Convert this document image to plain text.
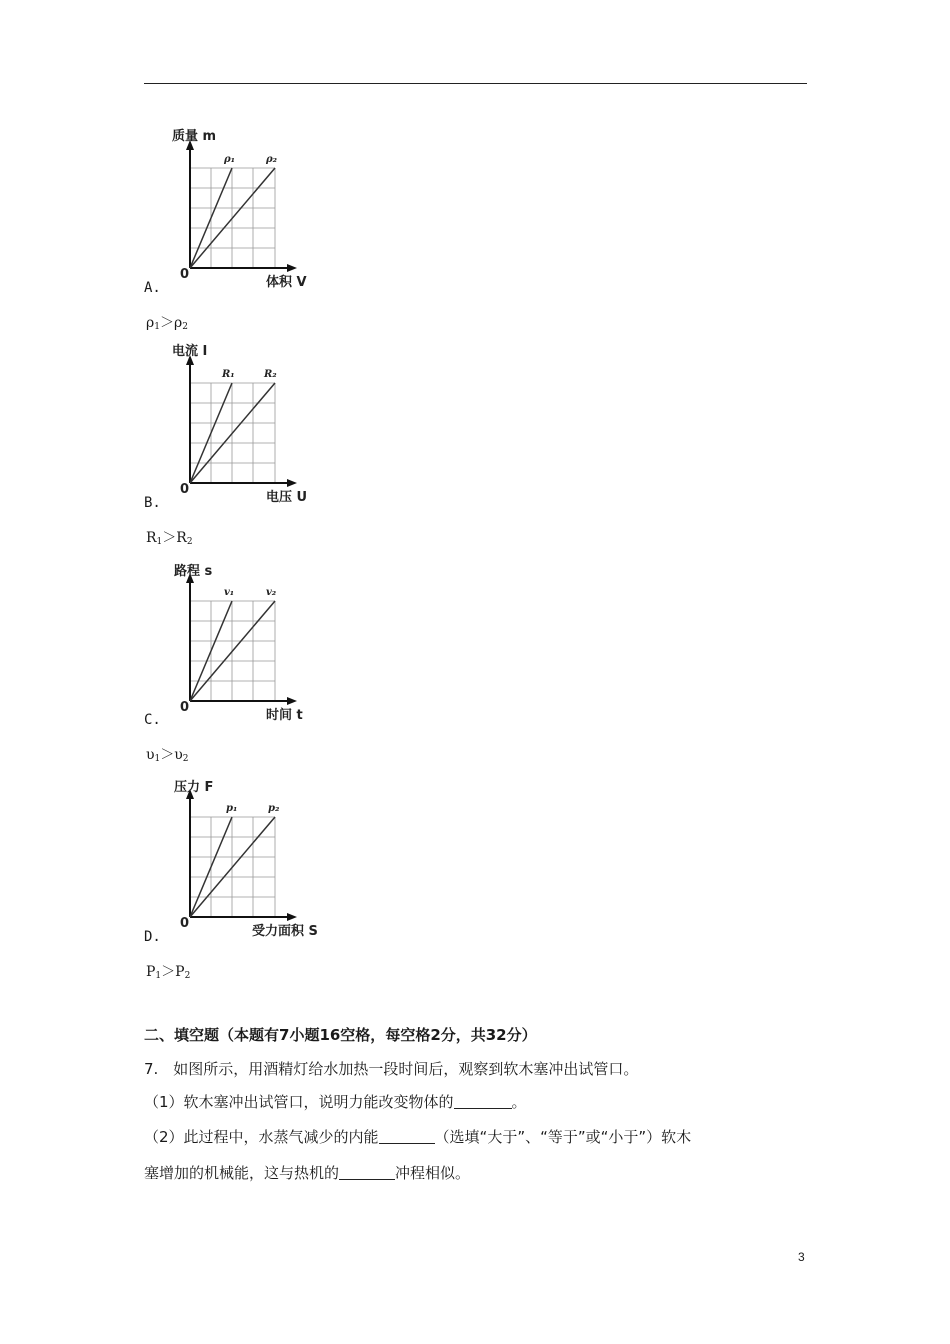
质量 m
体积 V
0
ρ₁	ρ₂
A.
$\rho_1>\rho_2$
电流 I
电压 U
0
R₁	R₂
B.
$R_1>R_2$
路程 s
时间 t
0
v₁	v₂
C.
$\upsilon_1>\upsilon_2$
压力 F
受力面积 S
0
p₁	p₂
D.
$P_1>P_2$
二、填空题（本题有7小题16空格，每空格2分，共32分）
7.　如图所示，用酒精灯给水加热一段时间后，观察到软木塞冲出试管口。
（1）软木塞冲出试管口，说明力能改变物体的	。
（2）此过程中，水蒸气减少的内能	（选填“大于”、“等于”或“小于”）软木
塞增加的机械能，这与热机的	冲程相似。
3
